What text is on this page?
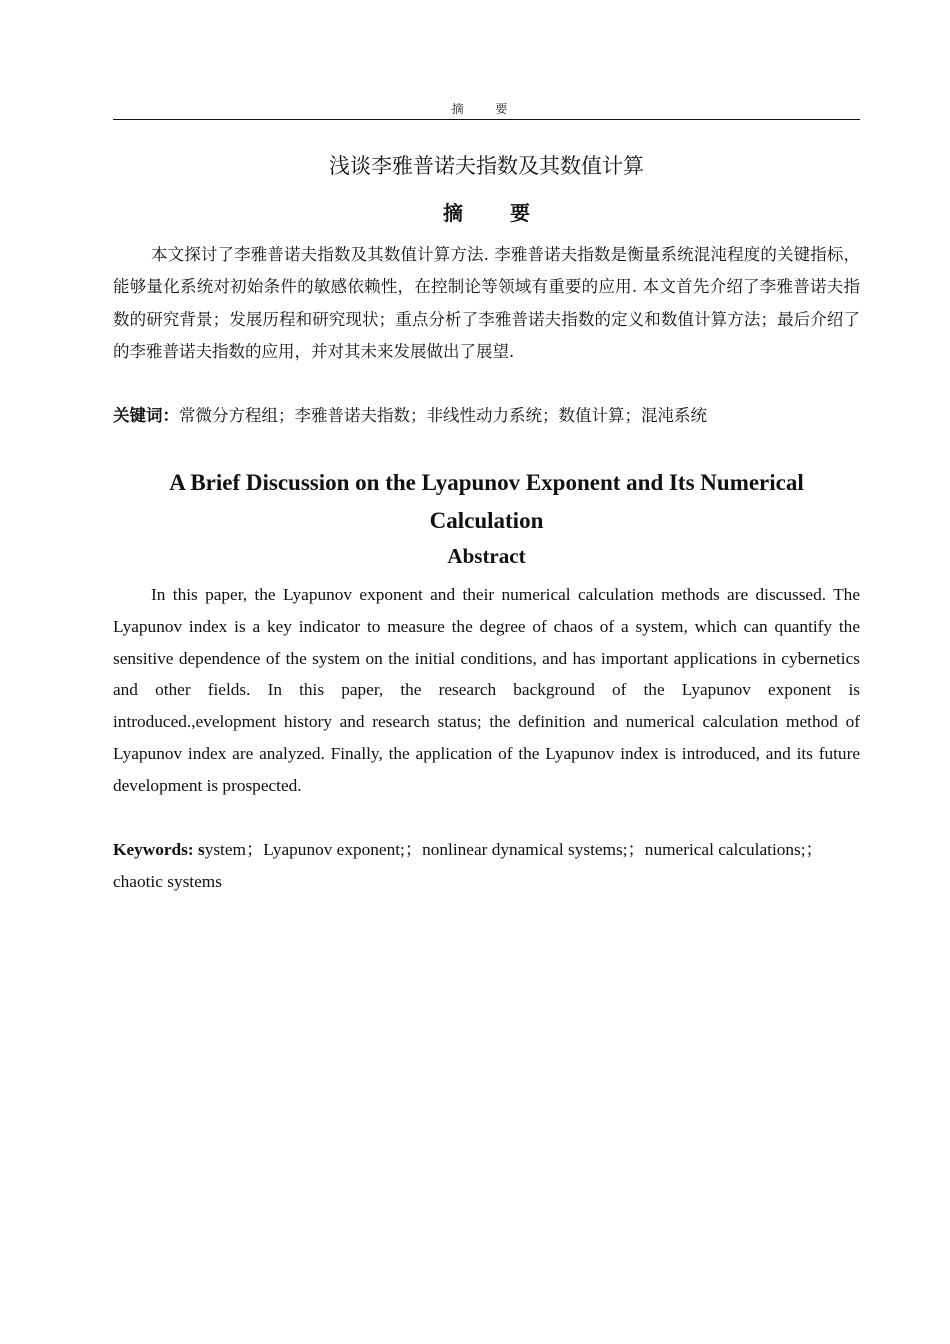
摘 要
浅谈李雅普诺夫指数及其数值计算
摘 要

本文探讨了李雅普诺夫指数及其数值计算方法. 李雅普诺夫指数是衡量系统混沌程度的关键指标，能够量化系统对初始条件的敏感依赖性，在控制论等领域有重要的应用. 本文首先介绍了李雅普诺夫指数的研究背景；发展历程和研究现状；重点分析了李雅普诺夫指数的定义和数值计算方法；最后介绍了的李雅普诺夫指数的应用，并对其未来发展做出了展望.

关键词：常微分方程组；李雅普诺夫指数；非线性动力系统；数值计算；混沌系统

A Brief Discussion on the Lyapunov Exponent and Its Numerical Calculation
Abstract

In this paper, the Lyapunov exponent and their numerical calculation methods are discussed. The Lyapunov index is a key indicator to measure the degree of chaos of a system, which can quantify the sensitive dependence of the system on the initial conditions, and has important applications in cybernetics and other fields. In this paper, the research background of the Lyapunov exponent is introduced.,evelopment history and research status; the definition and numerical calculation method of Lyapunov index are analyzed. Finally, the application of the Lyapunov index is introduced, and its future development is prospected.

Keywords: system；Lyapunov exponent;；nonlinear dynamical systems;；numerical calculations;；chaotic systems
